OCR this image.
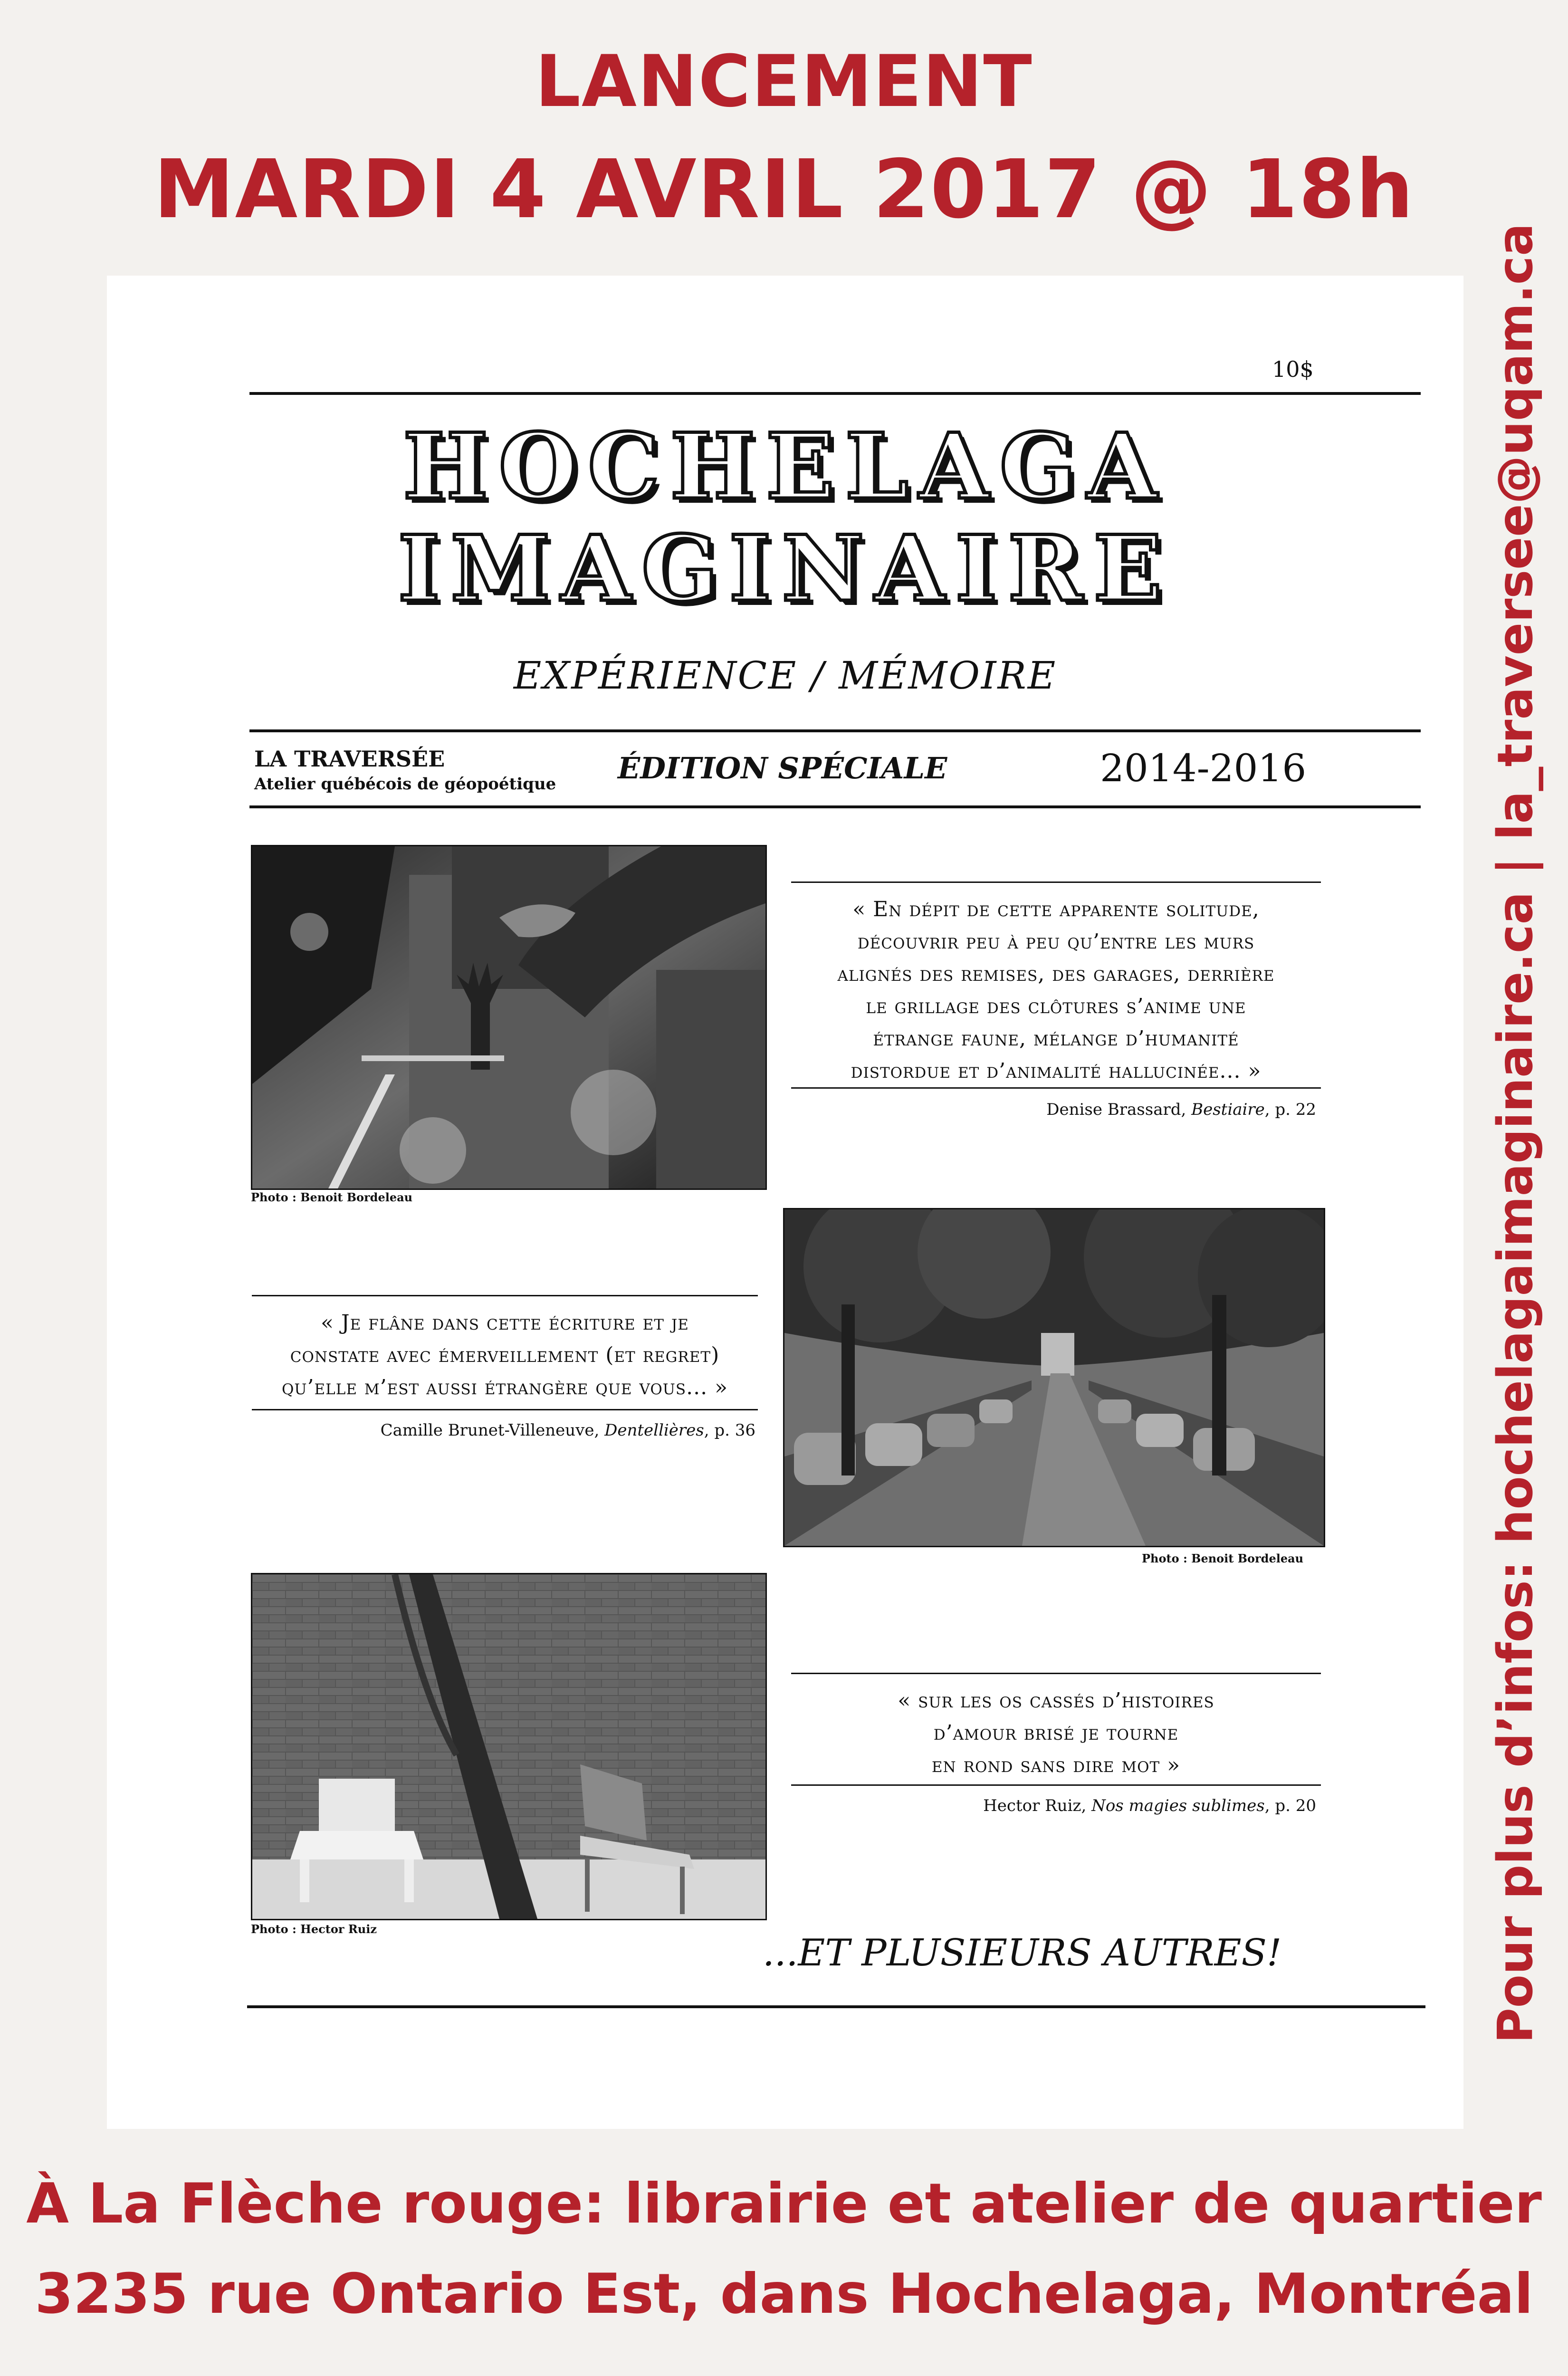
LANCEMENT
MARDI 4 AVRIL 2017 @ 18h
10$
HOCHELAGA
IMAGINAIRE
EXPÉRIENCE / MÉMOIRE
LA TRAVERSÉE
Atelier québécois de géopoétique ÉDITION SPÉCIALE	2014-2016
Photo : Benoit Bordeleau
« En dépit de cette apparente solitude,
découvrir peu à peu qu’entre les murs
alignés des remises, des garages, derrière
le grillage des clôtures s’anime une
étrange faune, mélange d’humanité
distordue et d’animalité hallucinée... »
Denise Brassard, Bestiaire, p. 22
« Je flâne dans cette écriture et je
constate avec émerveillement (et regret)
qu’elle m’est aussi étrangère que vous... »
Camille Brunet-Villeneuve, Dentellières, p. 36
Photo : Benoit Bordeleau
Photo : Hector Ruiz
« sur les os cassés d’histoires
d’amour brisé je tourne
en rond sans dire mot »
Hector Ruiz, Nos magies sublimes, p. 20
...ET PLUSIEURS AUTRES!	Pour plus d’infos: hochelagaimaginaire.ca | la_traversee@uqam.ca
À La Flèche rouge: librairie et atelier de quartier
3235 rue Ontario Est, dans Hochelaga, Montréal
